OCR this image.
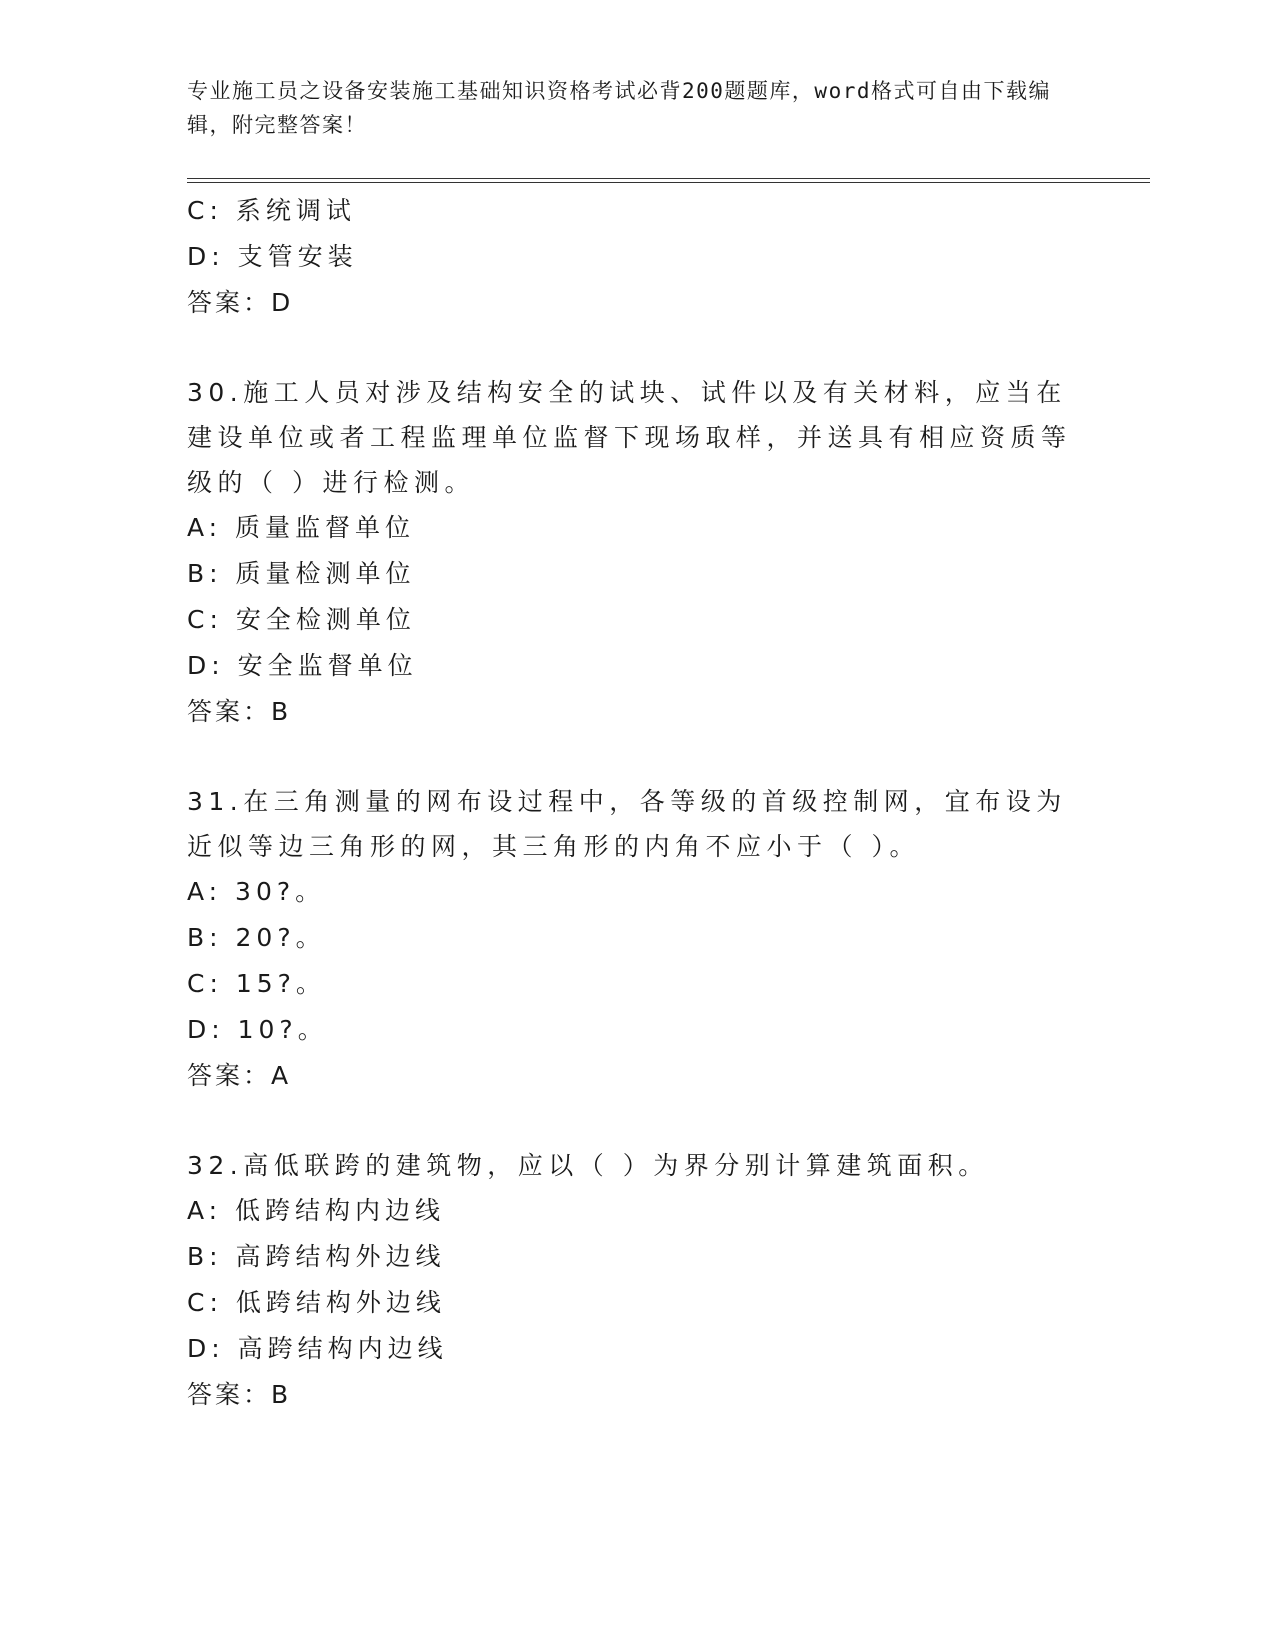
专业施工员之设备安装施工基础知识资格考试必背200题题库，word格式可自由下载编辑，附完整答案！
C: 系统调试
D: 支管安装
答案：D
30.施工人员对涉及结构安全的试块、试件以及有关材料，应当在建设单位或者工程监理单位监督下现场取样，并送具有相应资质等级的（ ）进行检测。
A: 质量监督单位
B: 质量检测单位
C: 安全检测单位
D: 安全监督单位
答案：B
31.在三角测量的网布设过程中，各等级的首级控制网，宜布设为近似等边三角形的网，其三角形的内角不应小于（ ）。
A: 30?。
B: 20?。
C: 15?。
D: 10?。
答案：A
32.高低联跨的建筑物，应以（ ）为界分别计算建筑面积。
A: 低跨结构内边线
B: 高跨结构外边线
C: 低跨结构外边线
D: 高跨结构内边线
答案：B
